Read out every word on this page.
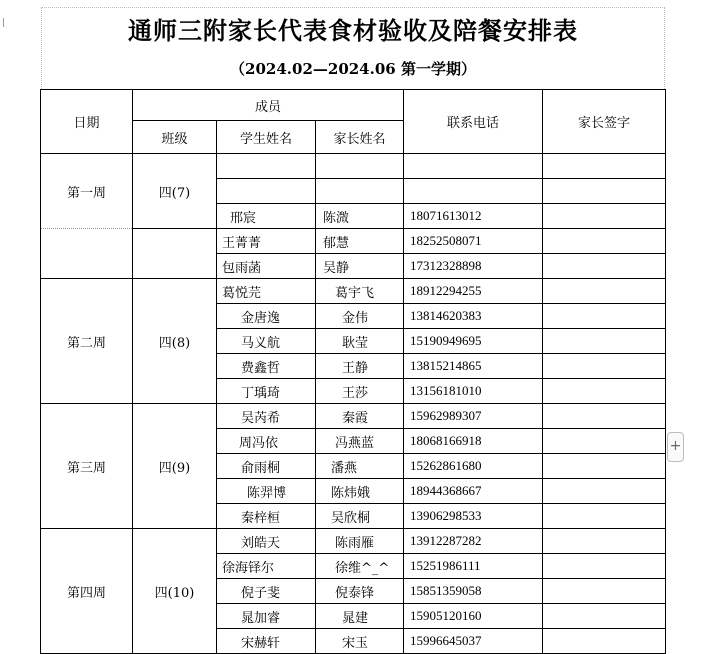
通师三附家长代表食材验收及陪餐安排表
（2024.02—2024.06 第一学期）
日期	成员			联系电话	家长签字
	班级	学生姓名	家长姓名		
第一周	四(7)				

		邢宸	陈溦	18071613012	
		王菁菁	郁慧	18252508071	
		包雨菡	吴静	17312328898	
第二周	四(8)	葛悦芫	葛宇飞	18912294255	
		金唐逸	金伟	13814620383	
		马义航	耿莹	15190949695	
		费鑫哲	王静	13815214865	
		丁瑀琦	王莎	13156181010	
第三周	四(9)	吴芮希	秦霞	15962989307	
		周冯依	冯燕蓝	18068166918	
		俞雨桐	潘燕	15262861680	
		陈羿博	陈炜娥	18944368667	
		秦梓桓	吴欣桐	13906298533	
第四周	四(10)	刘皓天	陈雨雁	13912287282	
		徐海铎尔	徐维^_^	15251986111	
		倪子斐	倪泰锋	15851359058	
		晁加睿	晁建	15905120160	
		宋赫轩	宋玉	15996645037	
+
